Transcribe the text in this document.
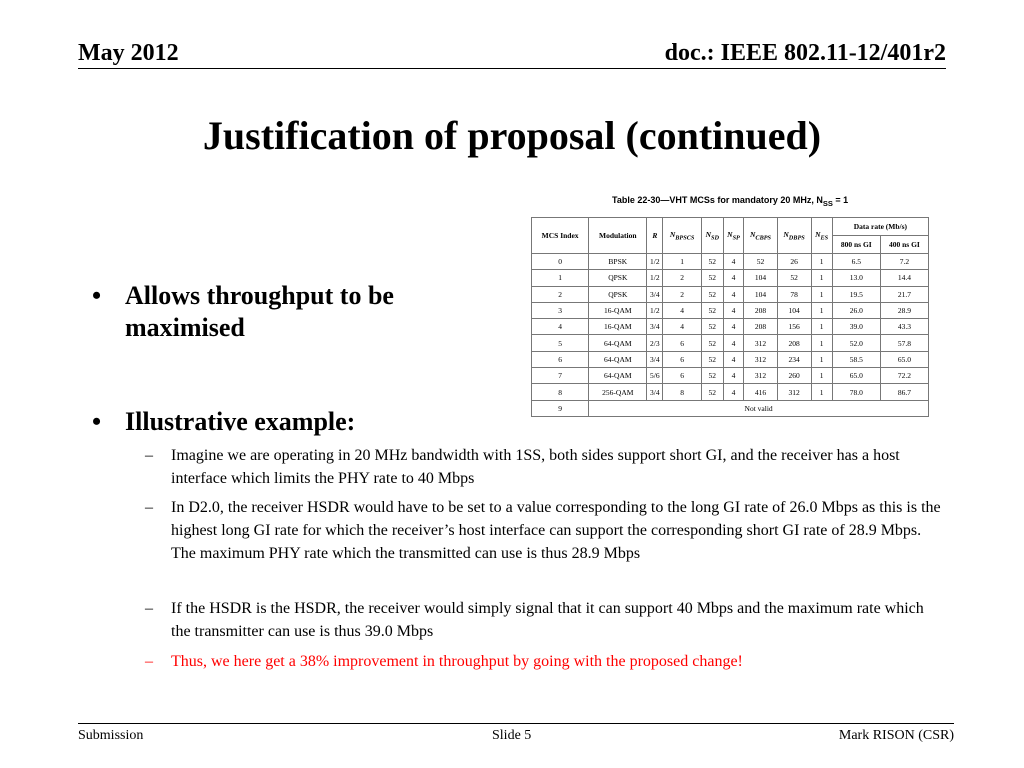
May 2012	doc.: IEEE 802.11-12/401r2
Justification of proposal (continued)
Table 22-30—VHT MCSs for mandatory 20 MHz, $N_{SS} = 1$
MCS Index	Modulation	R	$N_{BPSCS}$	$N_{SD}$	$N_{SP}$	$N_{CBPS}$	$N_{DBPS}$	$N_{ES}$	Data rate (Mb/s)	
									800 ns GI	400 ns GI
0	BPSK	1/2	1	52	4	52	26	1	6.5	7.2
1	QPSK	1/2	2	52	4	104	52	1	13.0	14.4
2	QPSK	3/4	2	52	4	104	78	1	19.5	21.7
3	16-QAM	1/2	4	52	4	208	104	1	26.0	28.9
4	16-QAM	3/4	4	52	4	208	156	1	39.0	43.3
5	64-QAM	2/3	6	52	4	312	208	1	52.0	57.8
6	64-QAM	3/4	6	52	4	312	234	1	58.5	65.0
7	64-QAM	5/6	6	52	4	312	260	1	65.0	72.2
8	256-QAM	3/4	8	52	4	416	312	1	78.0	86.7
9	Not valid									
• Allows throughput to be maximised
• Illustrative example:
– Imagine we are operating in 20 MHz bandwidth with 1SS, both sides support short GI, and the receiver has a host interface which limits the PHY rate to 40 Mbps
– In D2.0, the receiver HSDR would have to be set to a value corresponding to the long GI rate of 26.0 Mbps as this is the highest long GI rate for which the receiver’s host interface can support the corresponding short GI rate of 28.9 Mbps. The maximum PHY rate which the transmitted can use is thus 28.9 Mbps
– If the HSDR is the HSDR, the receiver would simply signal that it can support 40 Mbps and the maximum rate which the transmitter can use is thus 39.0 Mbps
– Thus, we here get a 38% improvement in throughput by going with the proposed change!
Submission	Slide 5	Mark RISON (CSR)
